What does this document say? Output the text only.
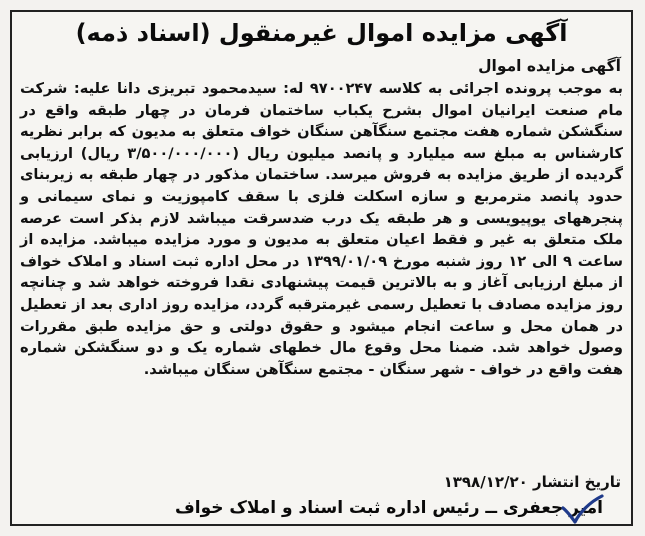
آگهی مزایده اموال غیرمنقول (اسناد ذمه)
آگهی مزایده اموال
به موجب پرونده اجرائی به کلاسه ۹۷۰۰۲۴۷ له: سیدمحمود تبریزی دانا علیه: شرکت مام صنعت ایرانیان اموال بشرح یکباب ساختمان فرمان در چهار طبقه واقع در سنگشکن شماره هفت مجتمع سنگآهن سنگان خواف متعلق به مدیون که برابر نظریه کارشناس به مبلغ سه میلیارد و پانصد میلیون ریال (۳/۵۰۰/۰۰۰/۰۰۰ ریال) ارزیابی گردیده از طریق مزایده به فروش میرسد. ساختمان مذکور در چهار طبقه به زیربنای حدود پانصد مترمربع و سازه اسکلت فلزی با سقف کامپوزیت و نمای سیمانی و پنجرههای یوپیویسی و هر طبقه یک درب ضدسرقت میباشد لازم بذکر است عرصه ملک متعلق به غیر و فقط اعیان متعلق به مدیون و مورد مزایده میباشد. مزایده از ساعت ۹ الی ۱۲ روز شنبه مورخ ۱۳۹۹/۰۱/۰۹ در محل اداره ثبت اسناد و املاک خواف از مبلغ ارزیابی آغاز و به بالاترین قیمت پیشنهادی نقدا فروخته خواهد شد و چنانچه روز مزایده مصادف با تعطیل رسمی غیرمترقبه گردد، مزایده روز اداری بعد از تعطیل در همان محل و ساعت انجام میشود و حقوق دولتی و حق مزایده طبق مقررات وصول خواهد شد. ضمنا محل وقوع مال خطهای شماره یک و دو سنگشکن شماره هفت واقع در خواف - شهر سنگان - مجتمع سنگآهن سنگان میباشد.
تاریخ انتشار ۱۳۹۸/۱۲/۲۰
امیر جعفری ــ رئیس اداره ثبت اسناد و املاک خواف
